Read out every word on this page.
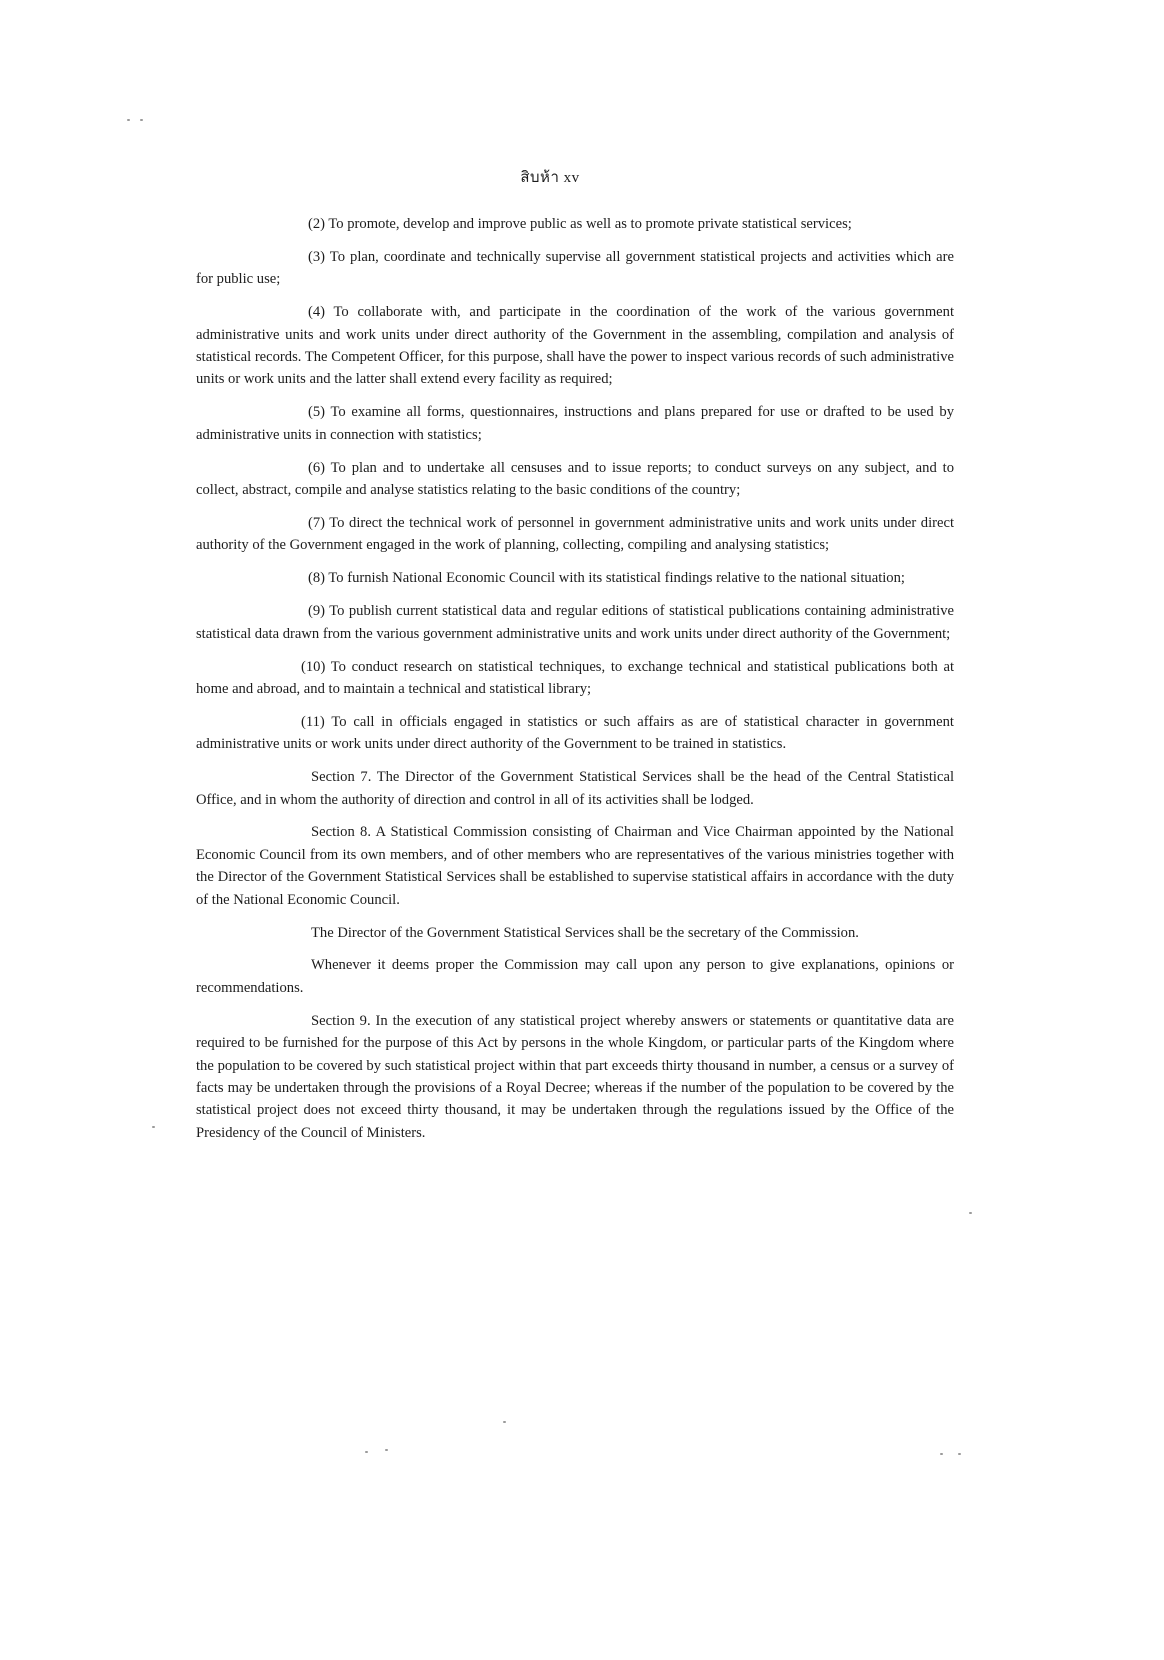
สิบห้า xv

(2) To promote, develop and improve public as well as to promote private statistical services;

(3) To plan, coordinate and technically supervise all government statistical projects and activities which are for public use;

(4) To collaborate with, and participate in the coordination of the work of the various government administrative units and work units under direct authority of the Government in the assembling, compilation and analysis of statistical records. The Competent Officer, for this purpose, shall have the power to inspect various records of such administrative units or work units and the latter shall extend every facility as required;

(5) To examine all forms, questionnaires, instructions and plans prepared for use or drafted to be used by administrative units in connection with statistics;

(6) To plan and to undertake all censuses and to issue reports; to conduct surveys on any subject, and to collect, abstract, compile and analyse statistics relating to the basic conditions of the country;

(7) To direct the technical work of personnel in government administrative units and work units under direct authority of the Government engaged in the work of planning, collecting, compiling and analysing statistics;

(8) To furnish National Economic Council with its statistical findings relative to the national situation;

(9) To publish current statistical data and regular editions of statistical publications containing administrative statistical data drawn from the various government administrative units and work units under direct authority of the Government;

(10) To conduct research on statistical techniques, to exchange technical and statistical publications both at home and abroad, and to maintain a technical and statistical library;

(11) To call in officials engaged in statistics or such affairs as are of statistical character in government administrative units or work units under direct authority of the Government to be trained in statistics.

Section 7. The Director of the Government Statistical Services shall be the head of the Central Statistical Office, and in whom the authority of direction and control in all of its activities shall be lodged.

Section 8. A Statistical Commission consisting of Chairman and Vice Chairman appointed by the National Economic Council from its own members, and of other members who are representatives of the various ministries together with the Director of the Government Statistical Services shall be established to supervise statistical affairs in accordance with the duty of the National Economic Council.

The Director of the Government Statistical Services shall be the secretary of the Commission.

Whenever it deems proper the Commission may call upon any person to give explanations, opinions or recommendations.

Section 9. In the execution of any statistical project whereby answers or statements or quantitative data are required to be furnished for the purpose of this Act by persons in the whole Kingdom, or particular parts of the Kingdom where the population to be covered by such statistical project within that part exceeds thirty thousand in number, a census or a survey of facts may be undertaken through the provisions of a Royal Decree; whereas if the number of the population to be covered by the statistical project does not exceed thirty thousand, it may be undertaken through the regulations issued by the Office of the Presidency of the Council of Ministers.
